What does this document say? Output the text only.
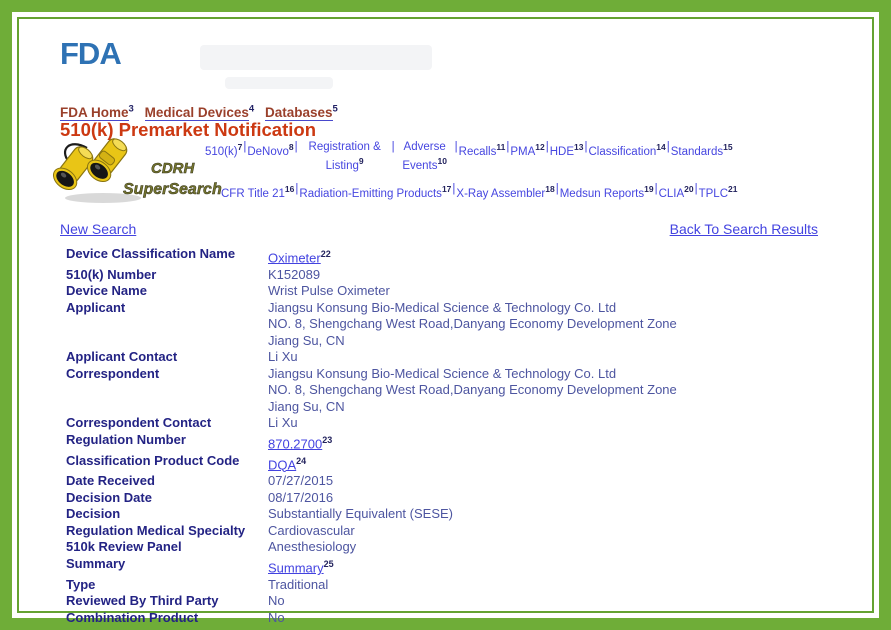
FDA
FDA Home$^3$ Medical Devices$^4$ Databases$^5$
510(k) Premarket Notification
CDRH
SuperSearch
$510(k)^7|DeNovo^8|$ Registration & Listing$^9$| Adverse Events$^{10}$|Recalls$^{11}$|PMA$^{12}$|HDE$^{13}$|Classification$^{14}$|Standards$^{15}$
CFR Title $21^{16}|Radiation$-Emitting Products$^{17}$|X-Ray Assembler$^{18}$|Medsun Reports$^{19}$|CLIA$^{20}$|TPLC$^{21}$
Back To Search Results
New Search
Device Classification Name	Oximeter$^{22}$
510(k) Number	K152089
Device Name	Wrist Pulse Oximeter
Applicant	Jiangsu Konsung Bio-Medical Science & Technology Co. Ltd
NO. 8, Shengchang West Road,Danyang Economy Development Zone
Jiang Su, CN
Applicant Contact	Li Xu
Correspondent	Jiangsu Konsung Bio-Medical Science & Technology Co. Ltd
NO. 8, Shengchang West Road,Danyang Economy Development Zone
Jiang Su, CN
Correspondent Contact	Li Xu
Regulation Number	870.2700$^{23}$
Classification Product Code	DQA$^{24}$
Date Received	07/27/2015
Decision Date	08/17/2016
Decision	Substantially Equivalent (SESE)
Regulation Medical Specialty	Cardiovascular
510k Review Panel	Anesthesiology
Summary	Summary$^{25}$
Type	Traditional
Reviewed By Third Party	No
Combination Product	No
